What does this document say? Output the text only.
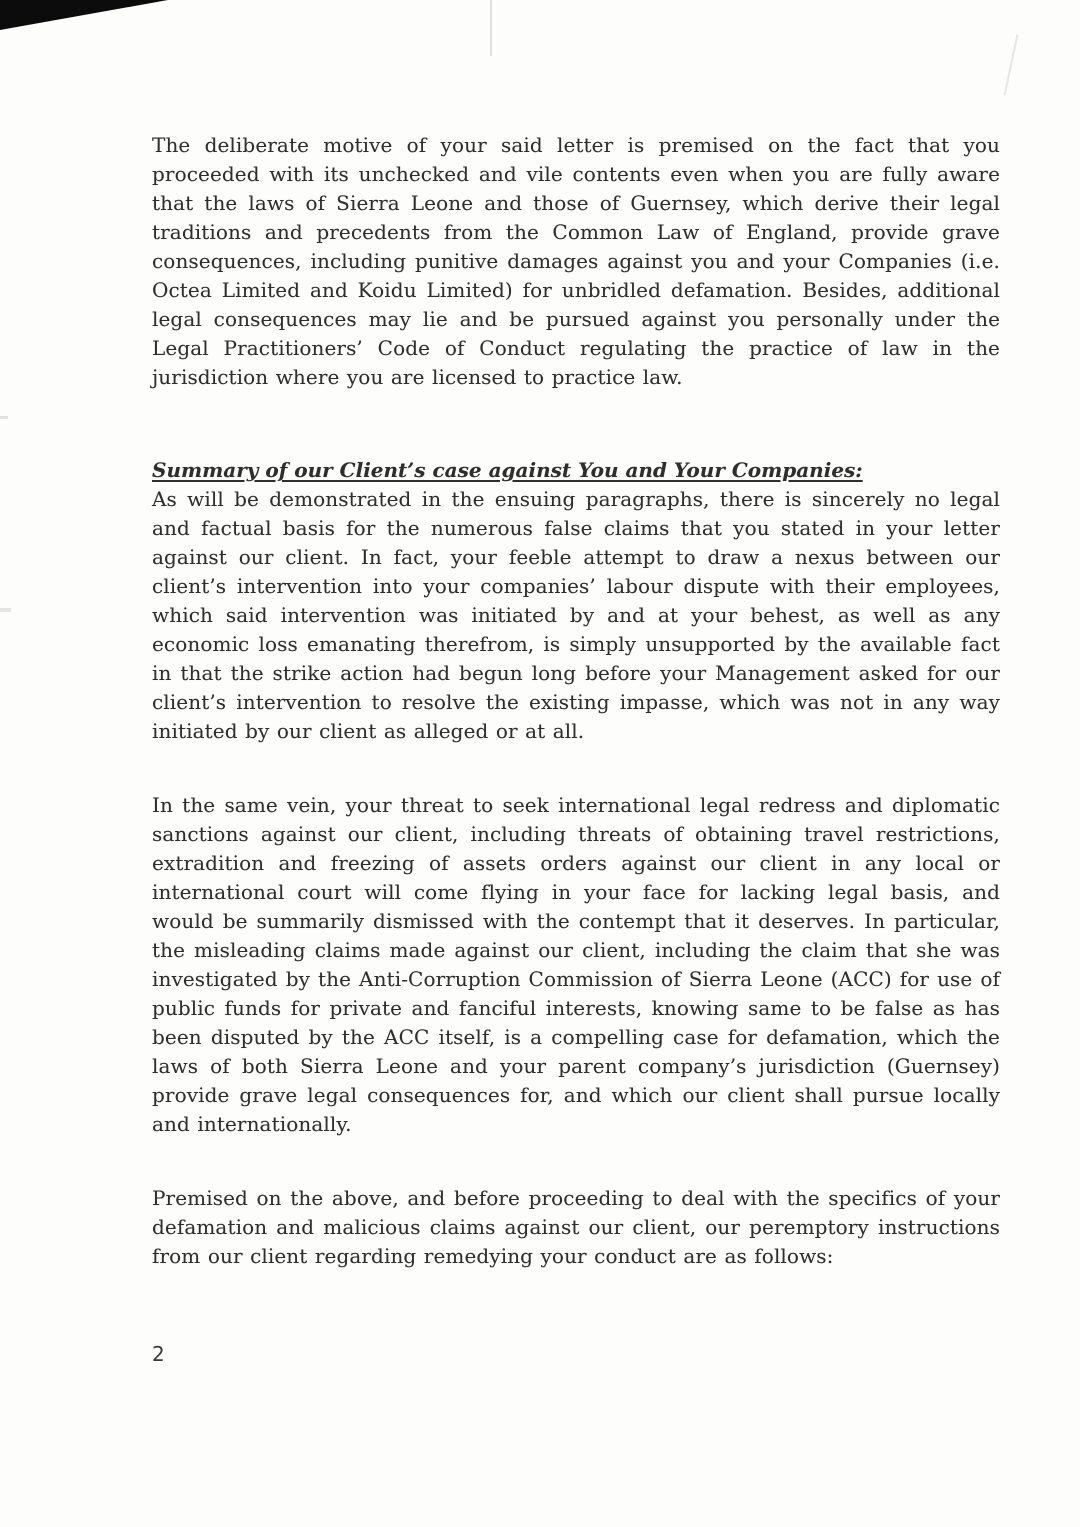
The deliberate motive of your said letter is premised on the fact that you proceeded with its unchecked and vile contents even when you are fully aware that the laws of Sierra Leone and those of Guernsey, which derive their legal traditions and precedents from the Common Law of England, provide grave consequences, including punitive damages against you and your Companies (i.e. Octea Limited and Koidu Limited) for unbridled defamation. Besides, additional legal consequences may lie and be pursued against you personally under the Legal Practitioners’ Code of Conduct regulating the practice of law in the jurisdiction where you are licensed to practice law.

Summary of our Client’s case against You and Your Companies:

As will be demonstrated in the ensuing paragraphs, there is sincerely no legal and factual basis for the numerous false claims that you stated in your letter against our client. In fact, your feeble attempt to draw a nexus between our client’s intervention into your companies’ labour dispute with their employees, which said intervention was initiated by and at your behest, as well as any economic loss emanating therefrom, is simply unsupported by the available fact in that the strike action had begun long before your Management asked for our client’s intervention to resolve the existing impasse, which was not in any way initiated by our client as alleged or at all.

In the same vein, your threat to seek international legal redress and diplomatic sanctions against our client, including threats of obtaining travel restrictions, extradition and freezing of assets orders against our client in any local or international court will come flying in your face for lacking legal basis, and would be summarily dismissed with the contempt that it deserves. In particular, the misleading claims made against our client, including the claim that she was investigated by the Anti-Corruption Commission of Sierra Leone (ACC) for use of public funds for private and fanciful interests, knowing same to be false as has been disputed by the ACC itself, is a compelling case for defamation, which the laws of both Sierra Leone and your parent company’s jurisdiction (Guernsey) provide grave legal consequences for, and which our client shall pursue locally and internationally.

Premised on the above, and before proceeding to deal with the specifics of your defamation and malicious claims against our client, our peremptory instructions from our client regarding remedying your conduct are as follows:

2
